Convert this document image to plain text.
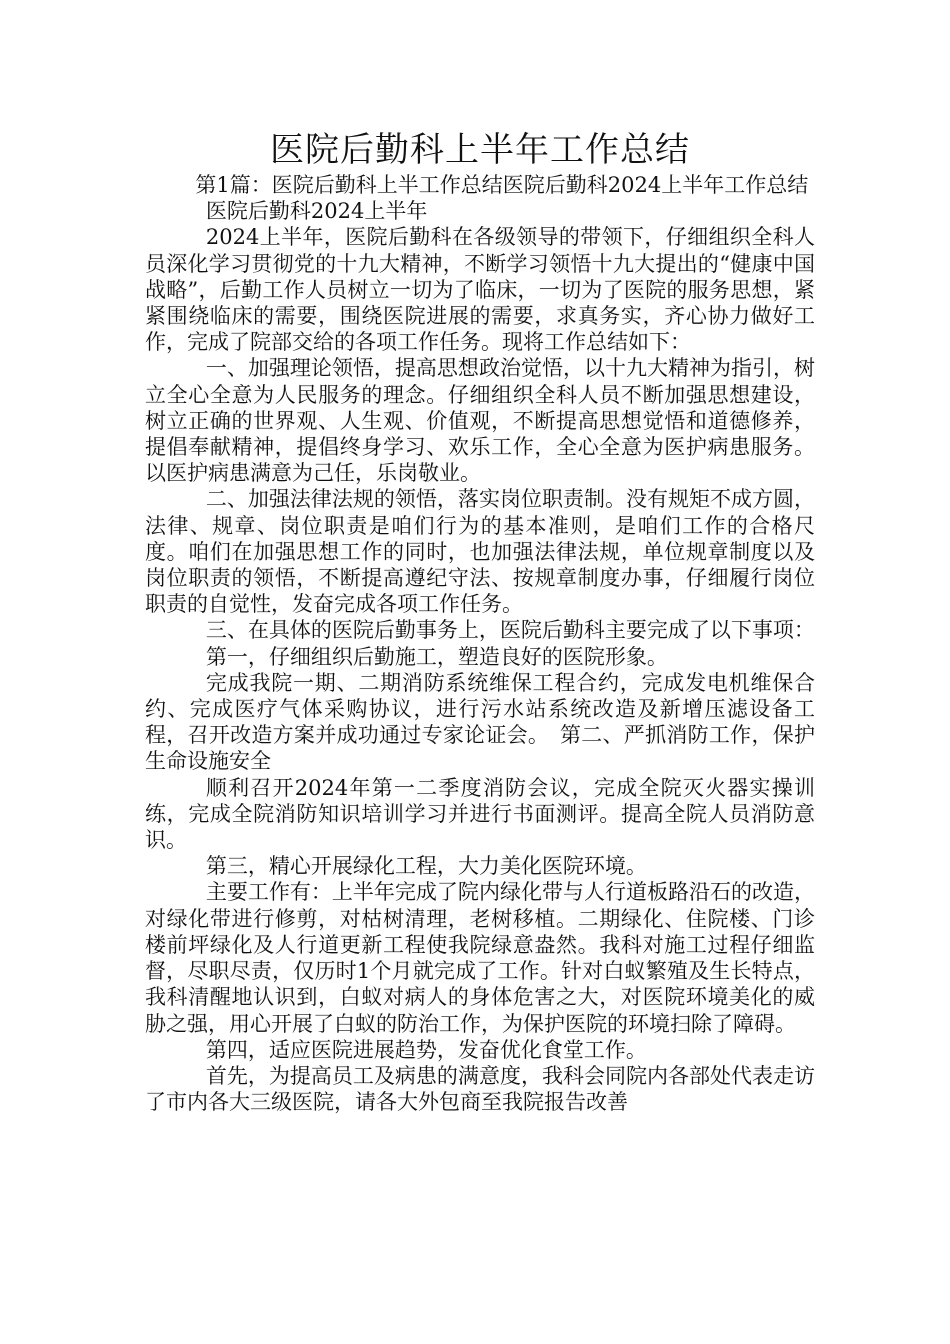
医院后勤科上半年工作总结

第1篇：医院后勤科上半工作总结医院后勤科2024上半年工作总结

医院后勤科2024上半年

2024上半年，医院后勤科在各级领导的带领下，仔细组织全科人员深化学习贯彻党的十九大精神，不断学习领悟十九大提出的“健康中国战略”，后勤工作人员树立一切为了临床，一切为了医院的服务思想，紧紧围绕临床的需要，围绕医院进展的需要，求真务实，齐心协力做好工作，完成了院部交给的各项工作任务。现将工作总结如下：

一、加强理论领悟，提高思想政治觉悟，以十九大精神为指引，树立全心全意为人民服务的理念。仔细组织全科人员不断加强思想建设，树立正确的世界观、人生观、价值观，不断提高思想觉悟和道德修养，提倡奉献精神，提倡终身学习、欢乐工作，全心全意为医护病患服务。以医护病患满意为己任，乐岗敬业。

二、加强法律法规的领悟，落实岗位职责制。没有规矩不成方圆，法律、规章、岗位职责是咱们行为的基本准则，是咱们工作的合格尺度。咱们在加强思想工作的同时，也加强法律法规，单位规章制度以及岗位职责的领悟，不断提高遵纪守法、按规章制度办事，仔细履行岗位职责的自觉性，发奋完成各项工作任务。

三、在具体的医院后勤事务上，医院后勤科主要完成了以下事项：

第一，仔细组织后勤施工，塑造良好的医院形象。

完成我院一期、二期消防系统维保工程合约，完成发电机维保合约、完成医疗气体采购协议，进行污水站系统改造及新增压滤设备工程，召开改造方案并成功通过专家论证会。　第二、严抓消防工作，保护生命设施安全

顺利召开2024年第一二季度消防会议，完成全院灭火器实操训练，完成全院消防知识培训学习并进行书面测评。提高全院人员消防意识。

第三，精心开展绿化工程，大力美化医院环境。

主要工作有：上半年完成了院内绿化带与人行道板路沿石的改造，对绿化带进行修剪，对枯树清理，老树移植。二期绿化、住院楼、门诊楼前坪绿化及人行道更新工程使我院绿意盎然。我科对施工过程仔细监督，尽职尽责，仅历时1个月就完成了工作。针对白蚁繁殖及生长特点，我科清醒地认识到，白蚁对病人的身体危害之大，对医院环境美化的威胁之强，用心开展了白蚁的防治工作，为保护医院的环境扫除了障碍。

第四，适应医院进展趋势，发奋优化食堂工作。

首先，为提高员工及病患的满意度，我科会同院内各部处代表走访了市内各大三级医院，请各大外包商至我院报告改善
